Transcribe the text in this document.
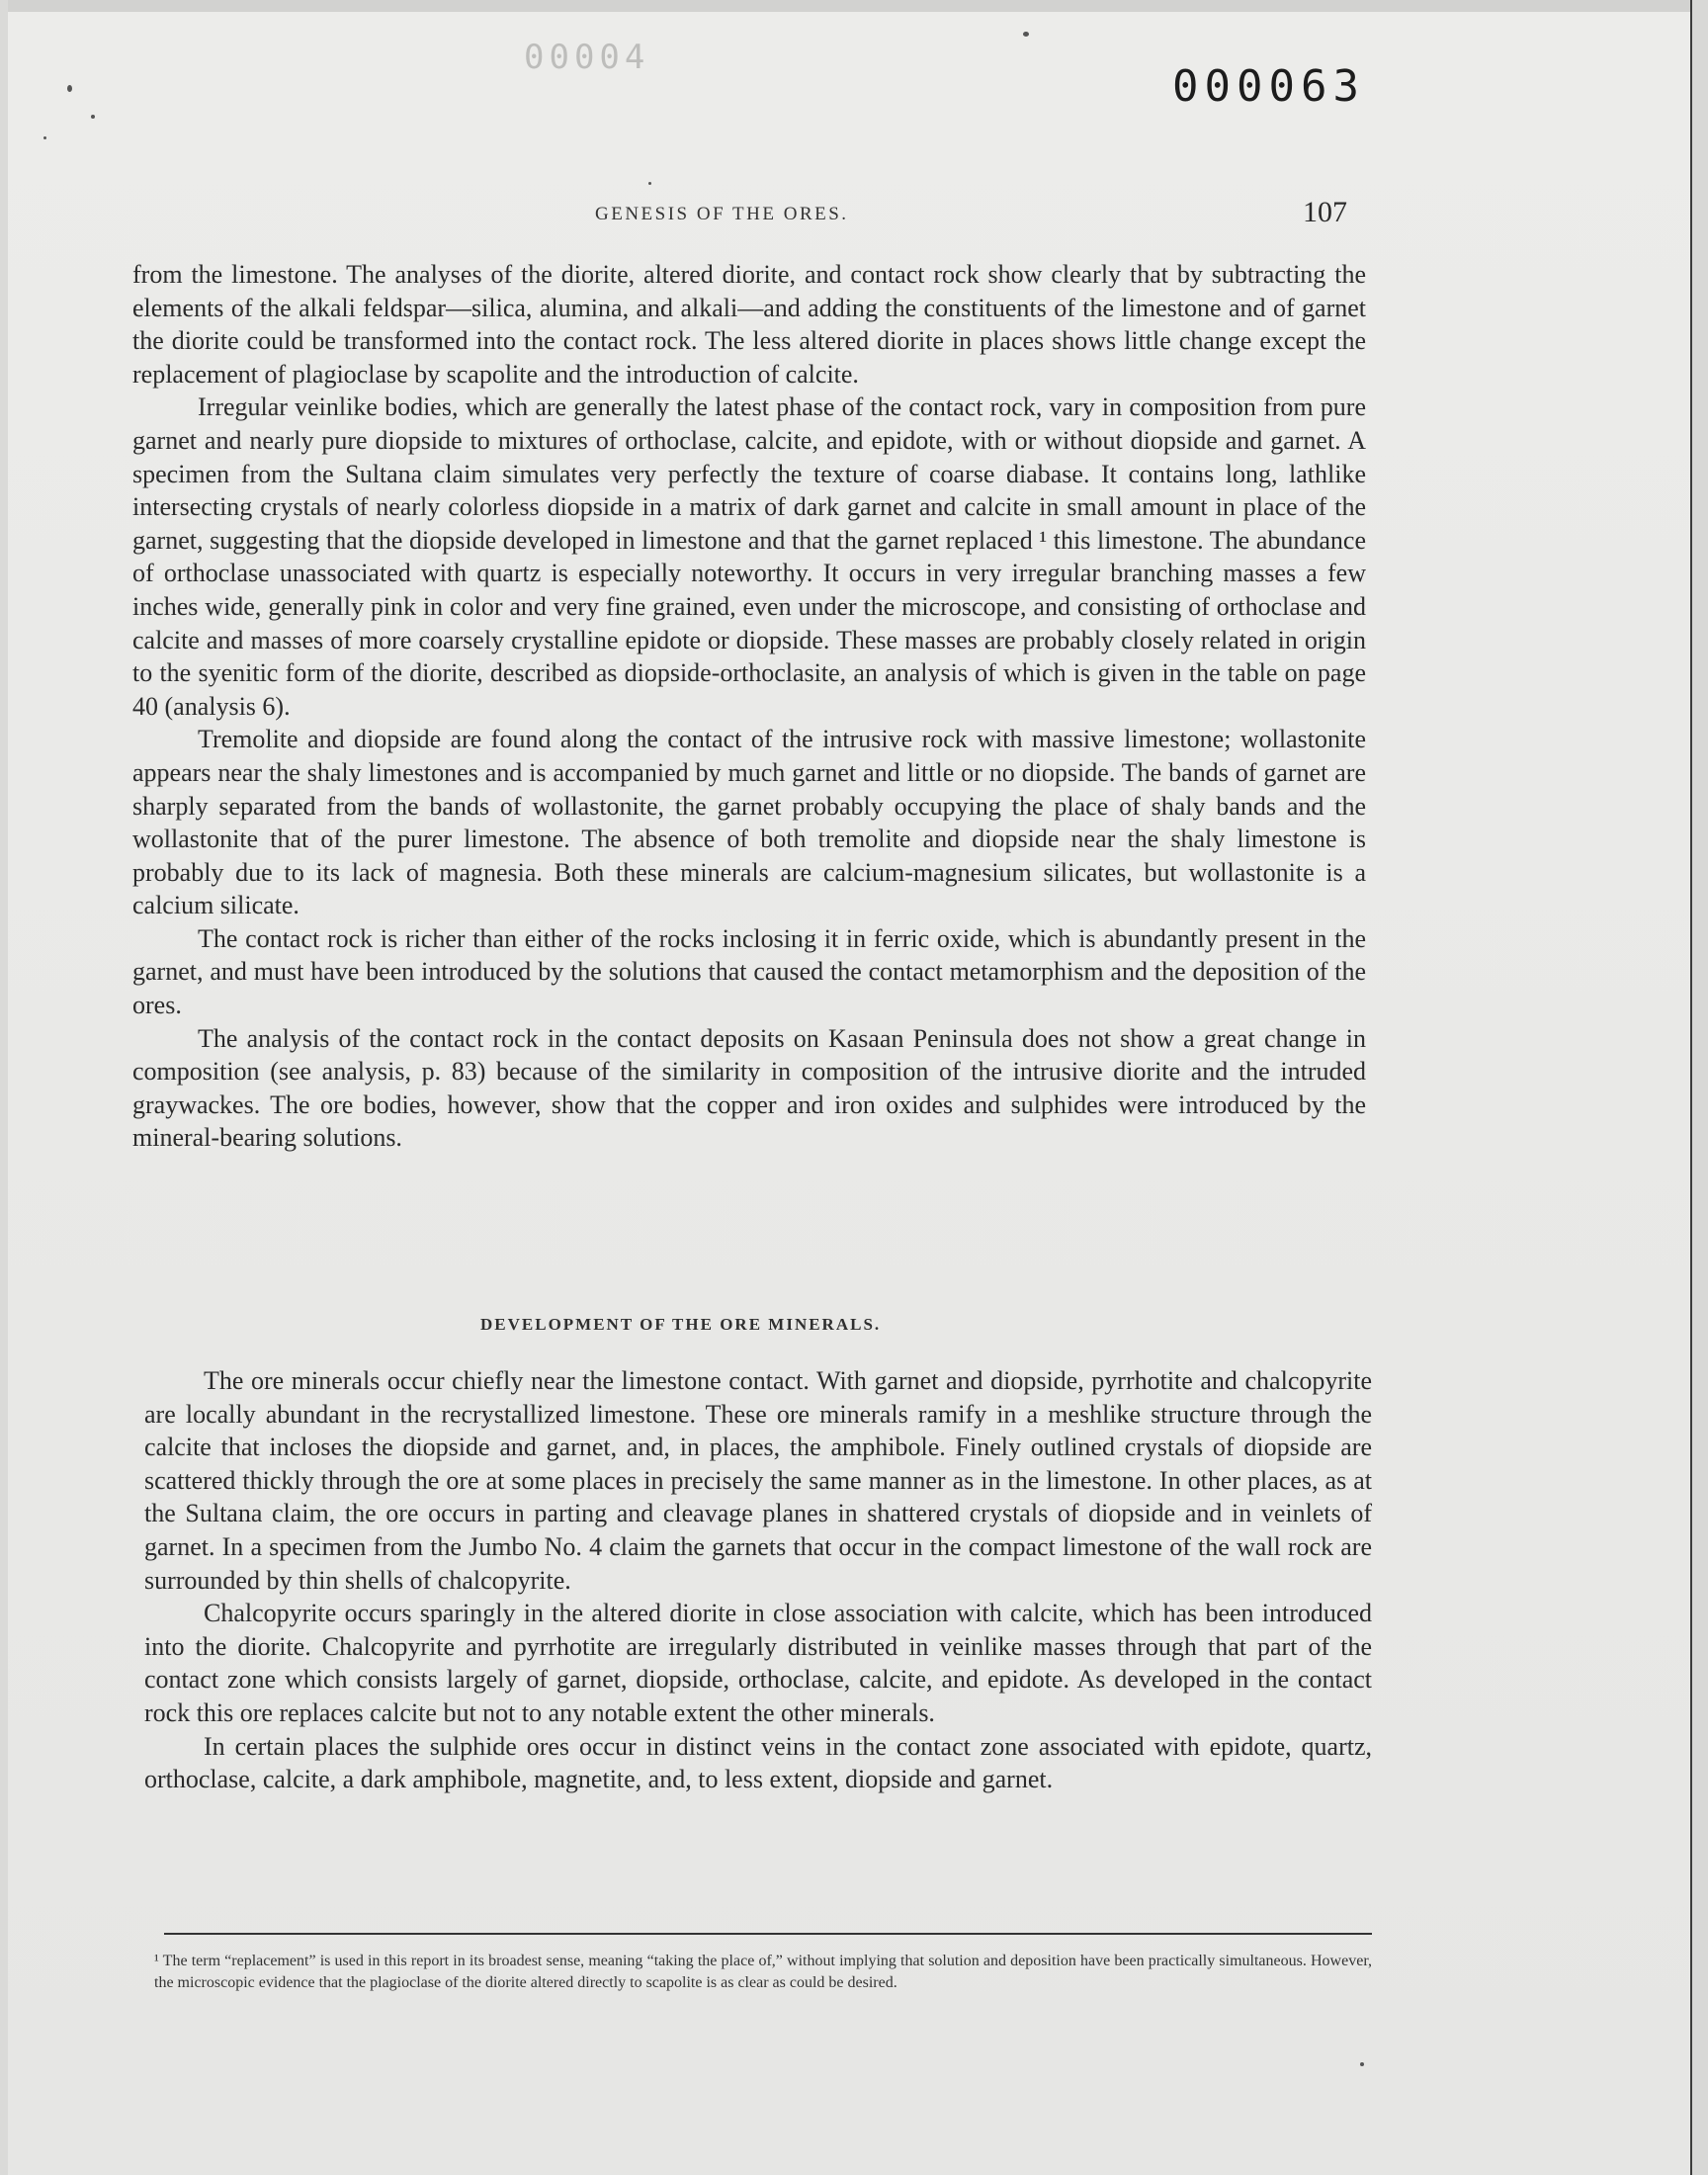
00004
000063
GENESIS OF THE ORES.	107

from the limestone. The analyses of the diorite, altered diorite, and contact rock show clearly that by subtracting the elements of the alkali feldspar—silica, alumina, and alkali—and adding the constituents of the limestone and of garnet the diorite could be transformed into the contact rock. The less altered diorite in places shows little change except the replacement of plagioclase by scapolite and the introduction of calcite.

Irregular veinlike bodies, which are generally the latest phase of the contact rock, vary in composition from pure garnet and nearly pure diopside to mixtures of orthoclase, calcite, and epidote, with or without diopside and garnet. A specimen from the Sultana claim simulates very perfectly the texture of coarse diabase. It contains long, lathlike intersecting crystals of nearly colorless diopside in a matrix of dark garnet and calcite in small amount in place of the garnet, suggesting that the diopside developed in limestone and that the garnet replaced ¹ this limestone. The abundance of orthoclase unassociated with quartz is especially noteworthy. It occurs in very irregular branching masses a few inches wide, generally pink in color and very fine grained, even under the microscope, and consisting of orthoclase and calcite and masses of more coarsely crystalline epidote or diopside. These masses are probably closely related in origin to the syenitic form of the diorite, described as diopside-orthoclasite, an analysis of which is given in the table on page 40 (analysis 6).

Tremolite and diopside are found along the contact of the intrusive rock with massive limestone; wollastonite appears near the shaly limestones and is accompanied by much garnet and little or no diopside. The bands of garnet are sharply separated from the bands of wollastonite, the garnet probably occupying the place of shaly bands and the wollastonite that of the purer limestone. The absence of both tremolite and diopside near the shaly limestone is probably due to its lack of magnesia. Both these minerals are calcium-magnesium silicates, but wollastonite is a calcium silicate.

The contact rock is richer than either of the rocks inclosing it in ferric oxide, which is abundantly present in the garnet, and must have been introduced by the solutions that caused the contact metamorphism and the deposition of the ores.

The analysis of the contact rock in the contact deposits on Kasaan Peninsula does not show a great change in composition (see analysis, p. 83) because of the similarity in composition of the intrusive diorite and the intruded graywackes. The ore bodies, however, show that the copper and iron oxides and sulphides were introduced by the mineral-bearing solutions.

DEVELOPMENT OF THE ORE MINERALS.

The ore minerals occur chiefly near the limestone contact. With garnet and diopside, pyrrhotite and chalcopyrite are locally abundant in the recrystallized limestone. These ore minerals ramify in a meshlike structure through the calcite that incloses the diopside and garnet, and, in places, the amphibole. Finely outlined crystals of diopside are scattered thickly through the ore at some places in precisely the same manner as in the limestone. In other places, as at the Sultana claim, the ore occurs in parting and cleavage planes in shattered crystals of diopside and in veinlets of garnet. In a specimen from the Jumbo No. 4 claim the garnets that occur in the compact limestone of the wall rock are surrounded by thin shells of chalcopyrite.

Chalcopyrite occurs sparingly in the altered diorite in close association with calcite, which has been introduced into the diorite. Chalcopyrite and pyrrhotite are irregularly distributed in veinlike masses through that part of the contact zone which consists largely of garnet, diopside, orthoclase, calcite, and epidote. As developed in the contact rock this ore replaces calcite but not to any notable extent the other minerals.

In certain places the sulphide ores occur in distinct veins in the contact zone associated with epidote, quartz, orthoclase, calcite, a dark amphibole, magnetite, and, to less extent, diopside and garnet.

¹ The term “replacement” is used in this report in its broadest sense, meaning “taking the place of,” without implying that solution and deposition have been practically simultaneous. However, the microscopic evidence that the plagioclase of the diorite altered directly to scapolite is as clear as could be desired.
